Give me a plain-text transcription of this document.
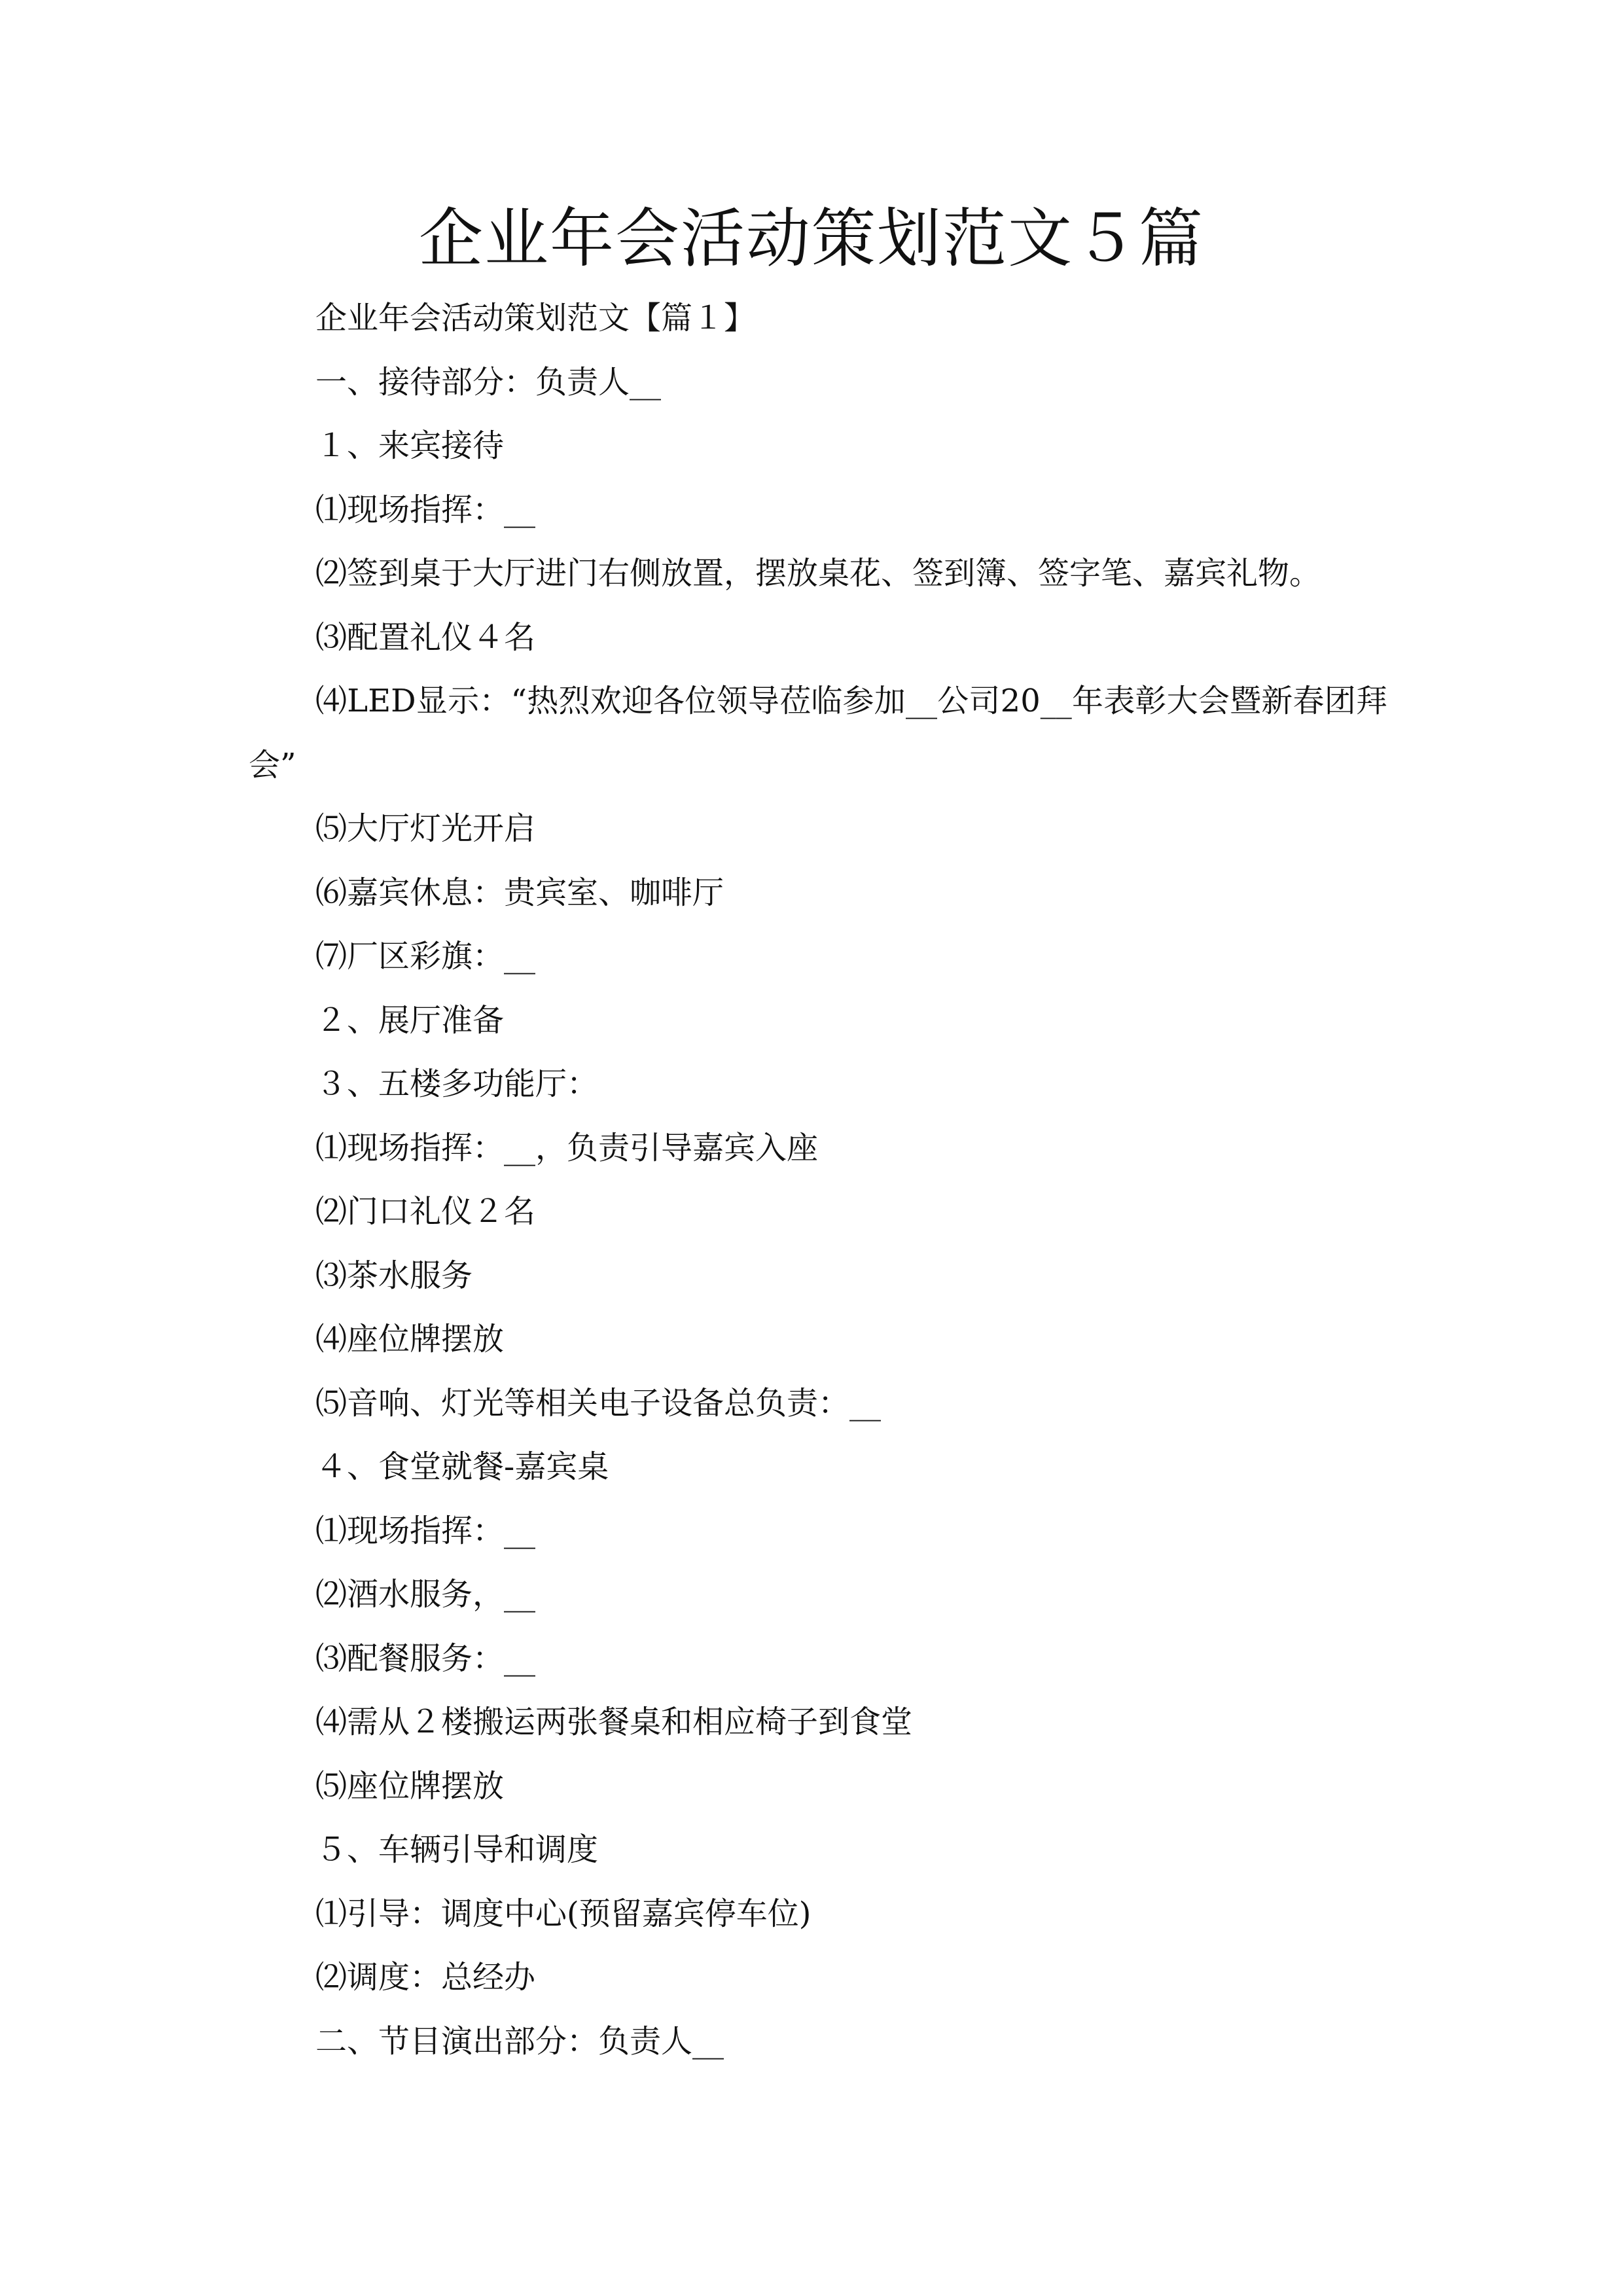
企业年会活动策划范文５篇

企业年会活动策划范文【篇１】

一、接待部分：负责人__

１、来宾接待

⑴现场指挥：__

⑵签到桌于大厅进门右侧放置，摆放桌花、签到簿、签字笔、嘉宾礼物。

⑶配置礼仪４名

⑷LED显示：“热烈欢迎各位领导莅临参加__公司20__年表彰大会暨新春团拜会”

⑸大厅灯光开启

⑹嘉宾休息：贵宾室、咖啡厅

⑺厂区彩旗：__

２、展厅准备

３、五楼多功能厅：

⑴现场指挥：__，负责引导嘉宾入座

⑵门口礼仪２名

⑶茶水服务

⑷座位牌摆放

⑸音响、灯光等相关电子设备总负责：__

４、食堂就餐-嘉宾桌

⑴现场指挥：__

⑵酒水服务，__

⑶配餐服务：__

⑷需从２楼搬运两张餐桌和相应椅子到食堂

⑸座位牌摆放

５、车辆引导和调度

⑴引导：调度中心(预留嘉宾停车位)

⑵调度：总经办

二、节目演出部分：负责人__
